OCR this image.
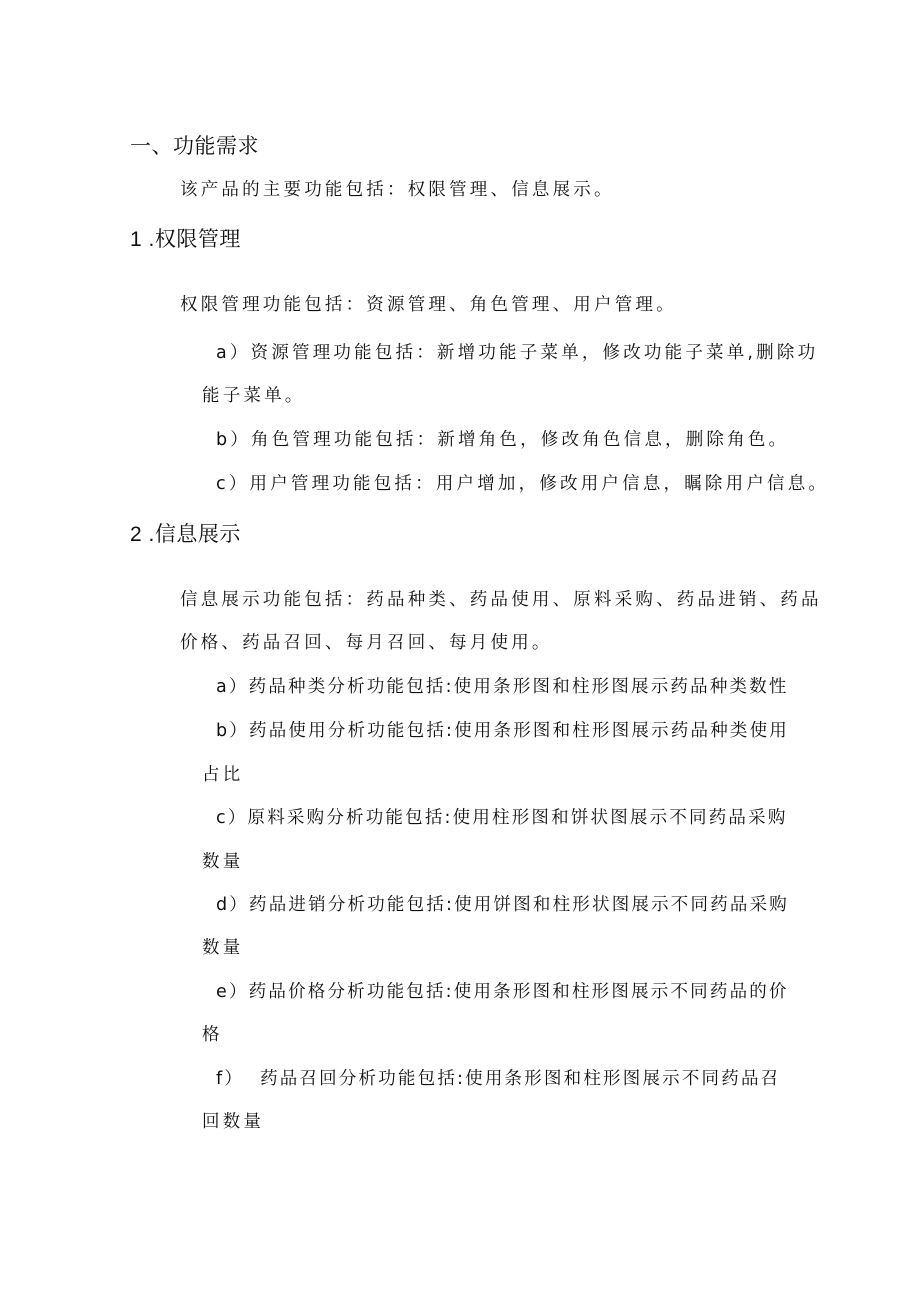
一、功能需求
该产品的主要功能包括：权限管理、信息展示。
1 .权限管理
权限管理功能包括：资源管理、角色管理、用户管理。
a）资源管理功能包括：新增功能子菜单，修改功能子菜单,删除功
能子菜单。
b）角色管理功能包括：新增角色，修改角色信息，删除角色。
c）用户管理功能包括：用户增加，修改用户信息，瞩除用户信息。
2 .信息展示
信息展示功能包括：药品种类、药品使用、原料采购、药品进销、药品
价格、药品召回、每月召回、每月使用。
a）药品种类分析功能包括:使用条形图和柱形图展示药品种类数性
b）药品使用分析功能包括:使用条形图和柱形图展示药品种类使用
占比
c）原料采购分析功能包括:使用柱形图和饼状图展示不同药品采购
数量
d）药品进销分析功能包括:使用饼图和柱形状图展示不同药品采购
数量
e）药品价格分析功能包括:使用条形图和柱形图展示不同药品的价
格
f） 药品召回分析功能包括:使用条形图和柱形图展示不同药品召
回数量
